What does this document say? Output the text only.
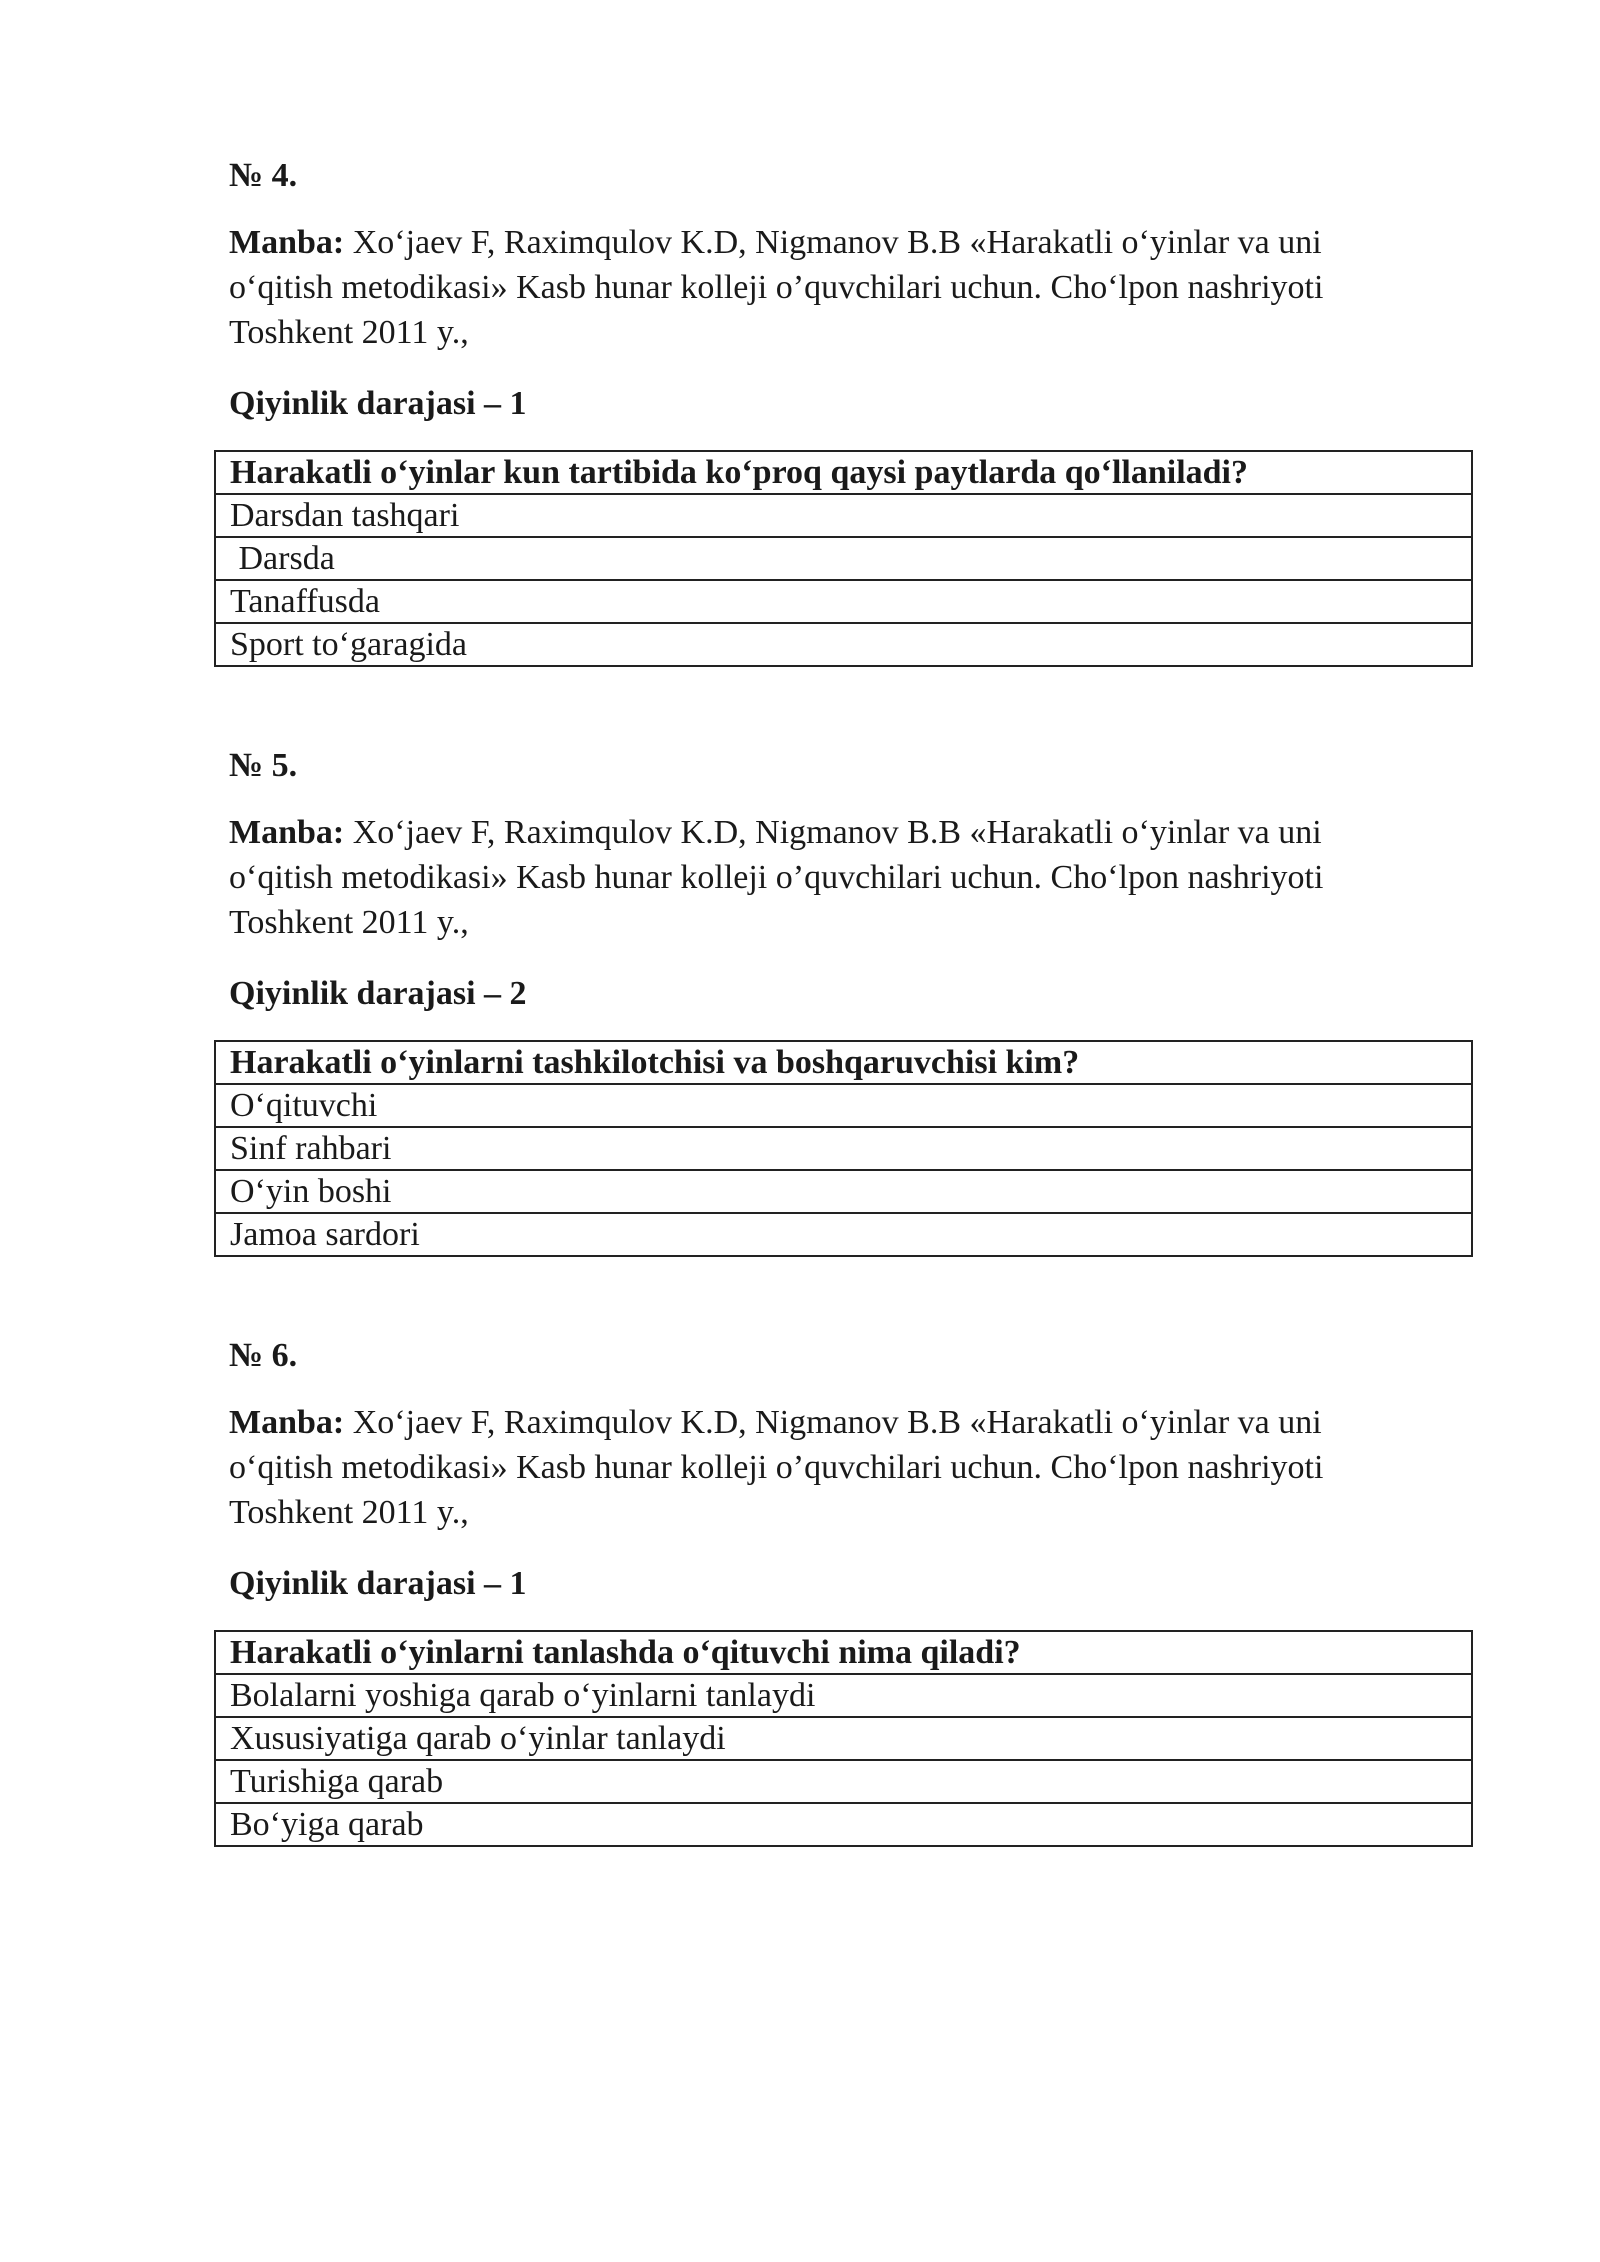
№ 4.

Manba: Xo‘jaev F, Raximqulov K.D, Nigmanov B.B «Harakatli o‘yinlar va uni
o‘qitish metodikasi» Kasb hunar kolleji o’quvchilari uchun. Cho‘lpon nashriyoti
Toshkent 2011 y.,

Qiyinlik darajasi – 1

Harakatli o‘yinlar kun tartibida ko‘proq qaysi paytlarda qo‘llaniladi?
Darsdan tashqari
Darsda
Tanaffusda
Sport to‘garagida

№ 5.

Manba: Xo‘jaev F, Raximqulov K.D, Nigmanov B.B «Harakatli o‘yinlar va uni
o‘qitish metodikasi» Kasb hunar kolleji o’quvchilari uchun. Cho‘lpon nashriyoti
Toshkent 2011 y.,

Qiyinlik darajasi – 2

Harakatli o‘yinlarni tashkilotchisi va boshqaruvchisi kim?
O‘qituvchi
Sinf rahbari
O‘yin boshi
Jamoa sardori

№ 6.

Manba: Xo‘jaev F, Raximqulov K.D, Nigmanov B.B «Harakatli o‘yinlar va uni
o‘qitish metodikasi» Kasb hunar kolleji o’quvchilari uchun. Cho‘lpon nashriyoti
Toshkent 2011 y.,

Qiyinlik darajasi – 1

Harakatli o‘yinlarni tanlashda o‘qituvchi nima qiladi?
Bolalarni yoshiga qarab o‘yinlarni tanlaydi
Xususiyatiga qarab o‘yinlar tanlaydi
Turishiga qarab
Bo‘yiga qarab
